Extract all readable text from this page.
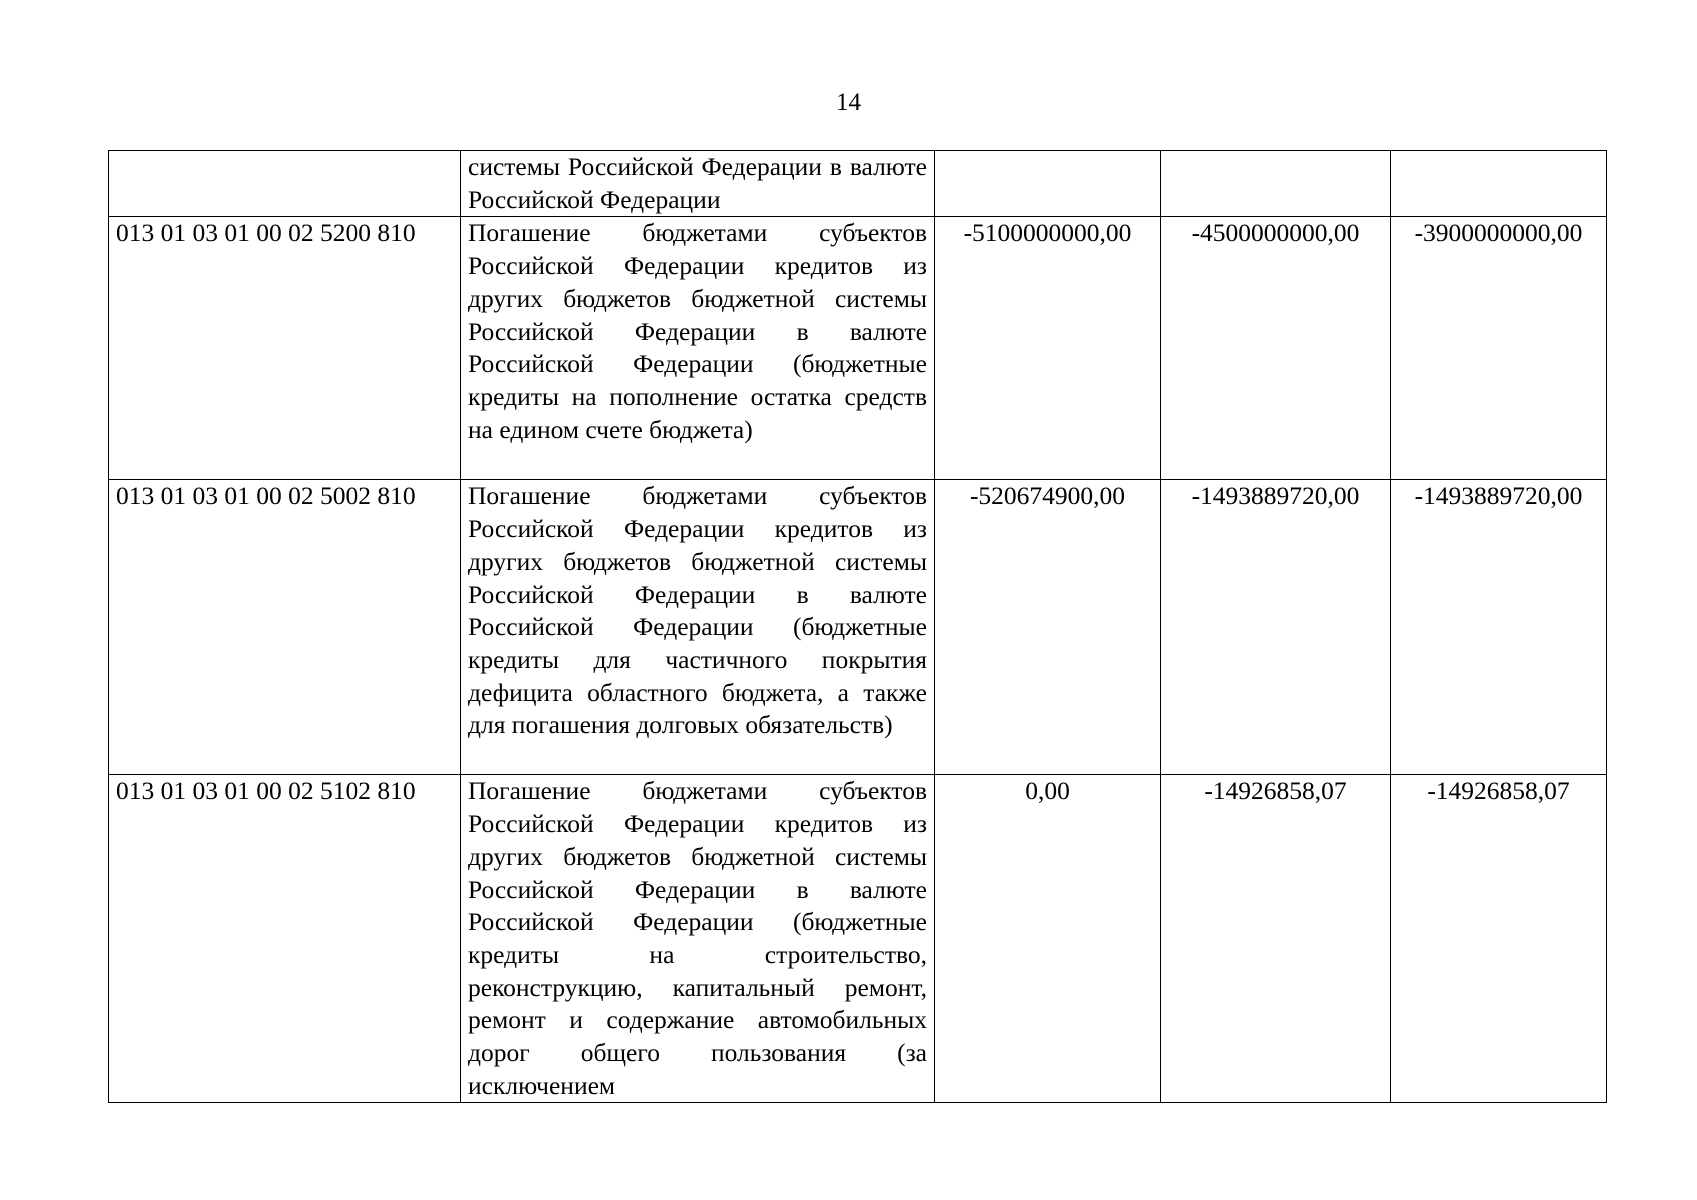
14
	системы Российской Федерации в валюте Российской Федерации			
013 01 03 01 00 02 5200 810	Погашение бюджетами субъектов Российской Федерации кредитов из других бюджетов бюджетной системы Российской Федерации в валюте Российской Федерации (бюджетные кредиты на пополнение остатка средств на едином счете бюджета)	-5100000000,00	-4500000000,00	-3900000000,00
013 01 03 01 00 02 5002 810	Погашение бюджетами субъектов Российской Федерации кредитов из других бюджетов бюджетной системы Российской Федерации в валюте Российской Федерации (бюджетные кредиты для частичного покрытия дефицита областного бюджета, а также для погашения долговых обязательств)	-520674900,00	-1493889720,00	-1493889720,00
013 01 03 01 00 02 5102 810	Погашение бюджетами субъектов Российской Федерации кредитов из других бюджетов бюджетной системы Российской Федерации в валюте Российской Федерации (бюджетные кредиты на строительство, реконструкцию, капитальный ремонт, ремонт и содержание автомобильных дорог общего пользования (за исключением	0,00	-14926858,07	-14926858,07
